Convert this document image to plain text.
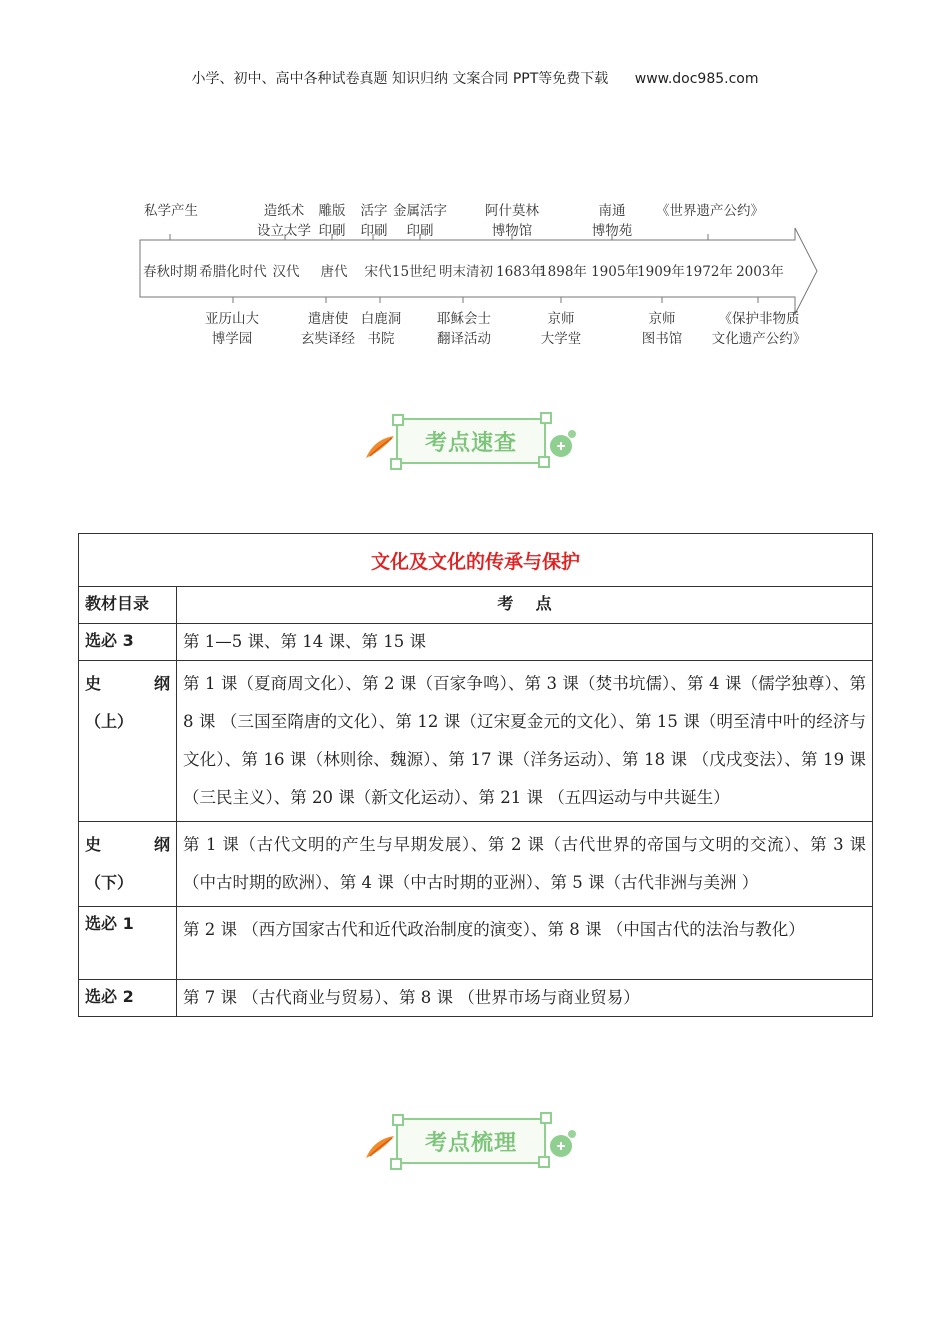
小学、初中、高中各种试卷真题 知识归纳 文案合同 PPT等免费下载 www.doc985.com
春秋时期 希腊化时代 汉代 唐代 宋代 15世纪 明末清初 1683年
1898年 1905年
1909年 1972年 2003年
私学产生	造纸术
设立太学
雕版
印刷
活字
印刷
金属活字
印刷
阿什莫林
博物馆
南通
博物苑
《世界遗产公约》
亚历山大
博学园
遣唐使
玄奘译经
白鹿洞
书院
耶稣会士
翻译活动
京师
大学堂
京师
图书馆
《保护非物质
文化遗产公约》
考点速查
文化及文化的传承与保护	
教材目录	考    点
选必 3	第 1—5 课、第 14 课、第 15 课

史 纲
（上）	第 1 课（夏商周文化）、第 2 课（百家争鸣）、第 3 课（焚书坑儒）、第 4 课（儒学独尊）、第 8 课 （三国至隋唐的文化）、第 12 课（辽宋夏金元的文化）、第 15 课（明至清中叶的经济与文化）、第 16 课（林则徐、魏源）、第 17 课（洋务运动）、第 18 课 （戊戌变法）、第 19 课（三民主义）、第 20 课（新文化运动）、第 21 课 （五四运动与中共诞生）

史 纲
（下）	第 1 课（古代文明的产生与早期发展）、第 2 课（古代世界的帝国与文明的交流）、第 3 课（中古时期的欧洲）、第 4 课（中古时期的亚洲）、第 5 课（古代非洲与美洲 ）
选必 1	第 2 课 （西方国家古代和近代政治制度的演变）、第 8 课 （中国古代的法治与教化）
选必 2	第 7 课 （古代商业与贸易）、第 8 课 （世界市场与商业贸易）
考点梳理
